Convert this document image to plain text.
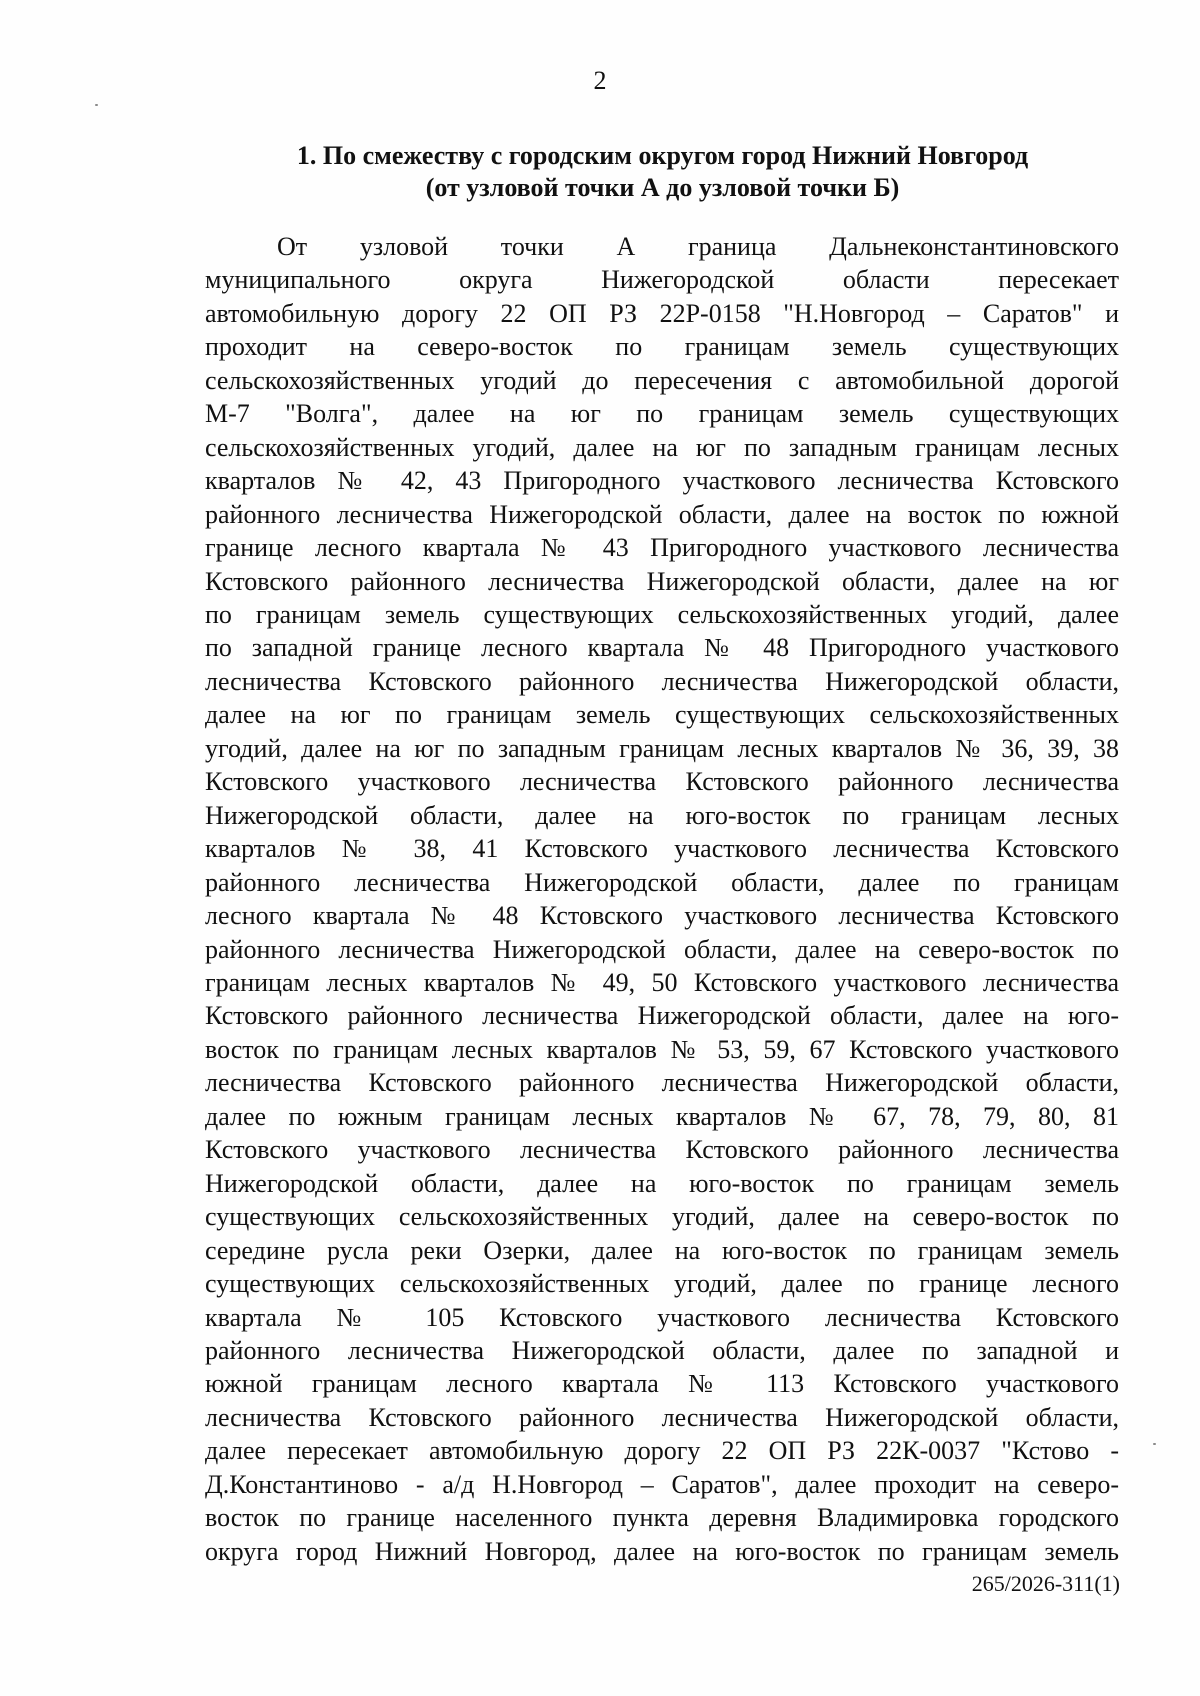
2
1. По смежеству с городским округом город Нижний Новгород
(от узловой точки А до узловой точки Б)
От узловой точки А граница Дальнеконстантиновского
муниципального округа Нижегородской области пересекает
автомобильную дорогу 22 ОП РЗ 22Р-0158 "Н.Новгород – Саратов" и
проходит на северо-восток по границам земель существующих
сельскохозяйственных угодий до пересечения с автомобильной дорогой
М-7 "Волга", далее на юг по границам земель существующих
сельскохозяйственных угодий, далее на юг по западным границам лесных
кварталов № 42, 43 Пригородного участкового лесничества Кстовского
районного лесничества Нижегородской области, далее на восток по южной
границе лесного квартала № 43 Пригородного участкового лесничества
Кстовского районного лесничества Нижегородской области, далее на юг
по границам земель существующих сельскохозяйственных угодий, далее
по западной границе лесного квартала № 48 Пригородного участкового
лесничества Кстовского районного лесничества Нижегородской области,
далее на юг по границам земель существующих сельскохозяйственных
угодий, далее на юг по западным границам лесных кварталов № 36, 39, 38
Кстовского участкового лесничества Кстовского районного лесничества
Нижегородской области, далее на юго-восток по границам лесных
кварталов № 38, 41 Кстовского участкового лесничества Кстовского
районного лесничества Нижегородской области, далее по границам
лесного квартала № 48 Кстовского участкового лесничества Кстовского
районного лесничества Нижегородской области, далее на северо-восток по
границам лесных кварталов № 49, 50 Кстовского участкового лесничества
Кстовского районного лесничества Нижегородской области, далее на юго-
восток по границам лесных кварталов № 53, 59, 67 Кстовского участкового
лесничества Кстовского районного лесничества Нижегородской области,
далее по южным границам лесных кварталов № 67, 78, 79, 80, 81
Кстовского участкового лесничества Кстовского районного лесничества
Нижегородской области, далее на юго-восток по границам земель
существующих сельскохозяйственных угодий, далее на северо-восток по
середине русла реки Озерки, далее на юго-восток по границам земель
существующих сельскохозяйственных угодий, далее по границе лесного
квартала № 105 Кстовского участкового лесничества Кстовского
районного лесничества Нижегородской области, далее по западной и
южной границам лесного квартала № 113 Кстовского участкового
лесничества Кстовского районного лесничества Нижегородской области,
далее пересекает автомобильную дорогу 22 ОП РЗ 22К-0037 "Кстово -
Д.Константиново - а/д Н.Новгород – Саратов", далее проходит на северо-
восток по границе населенного пункта деревня Владимировка городского
округа город Нижний Новгород, далее на юго-восток по границам земель
265/2026-311(1)
